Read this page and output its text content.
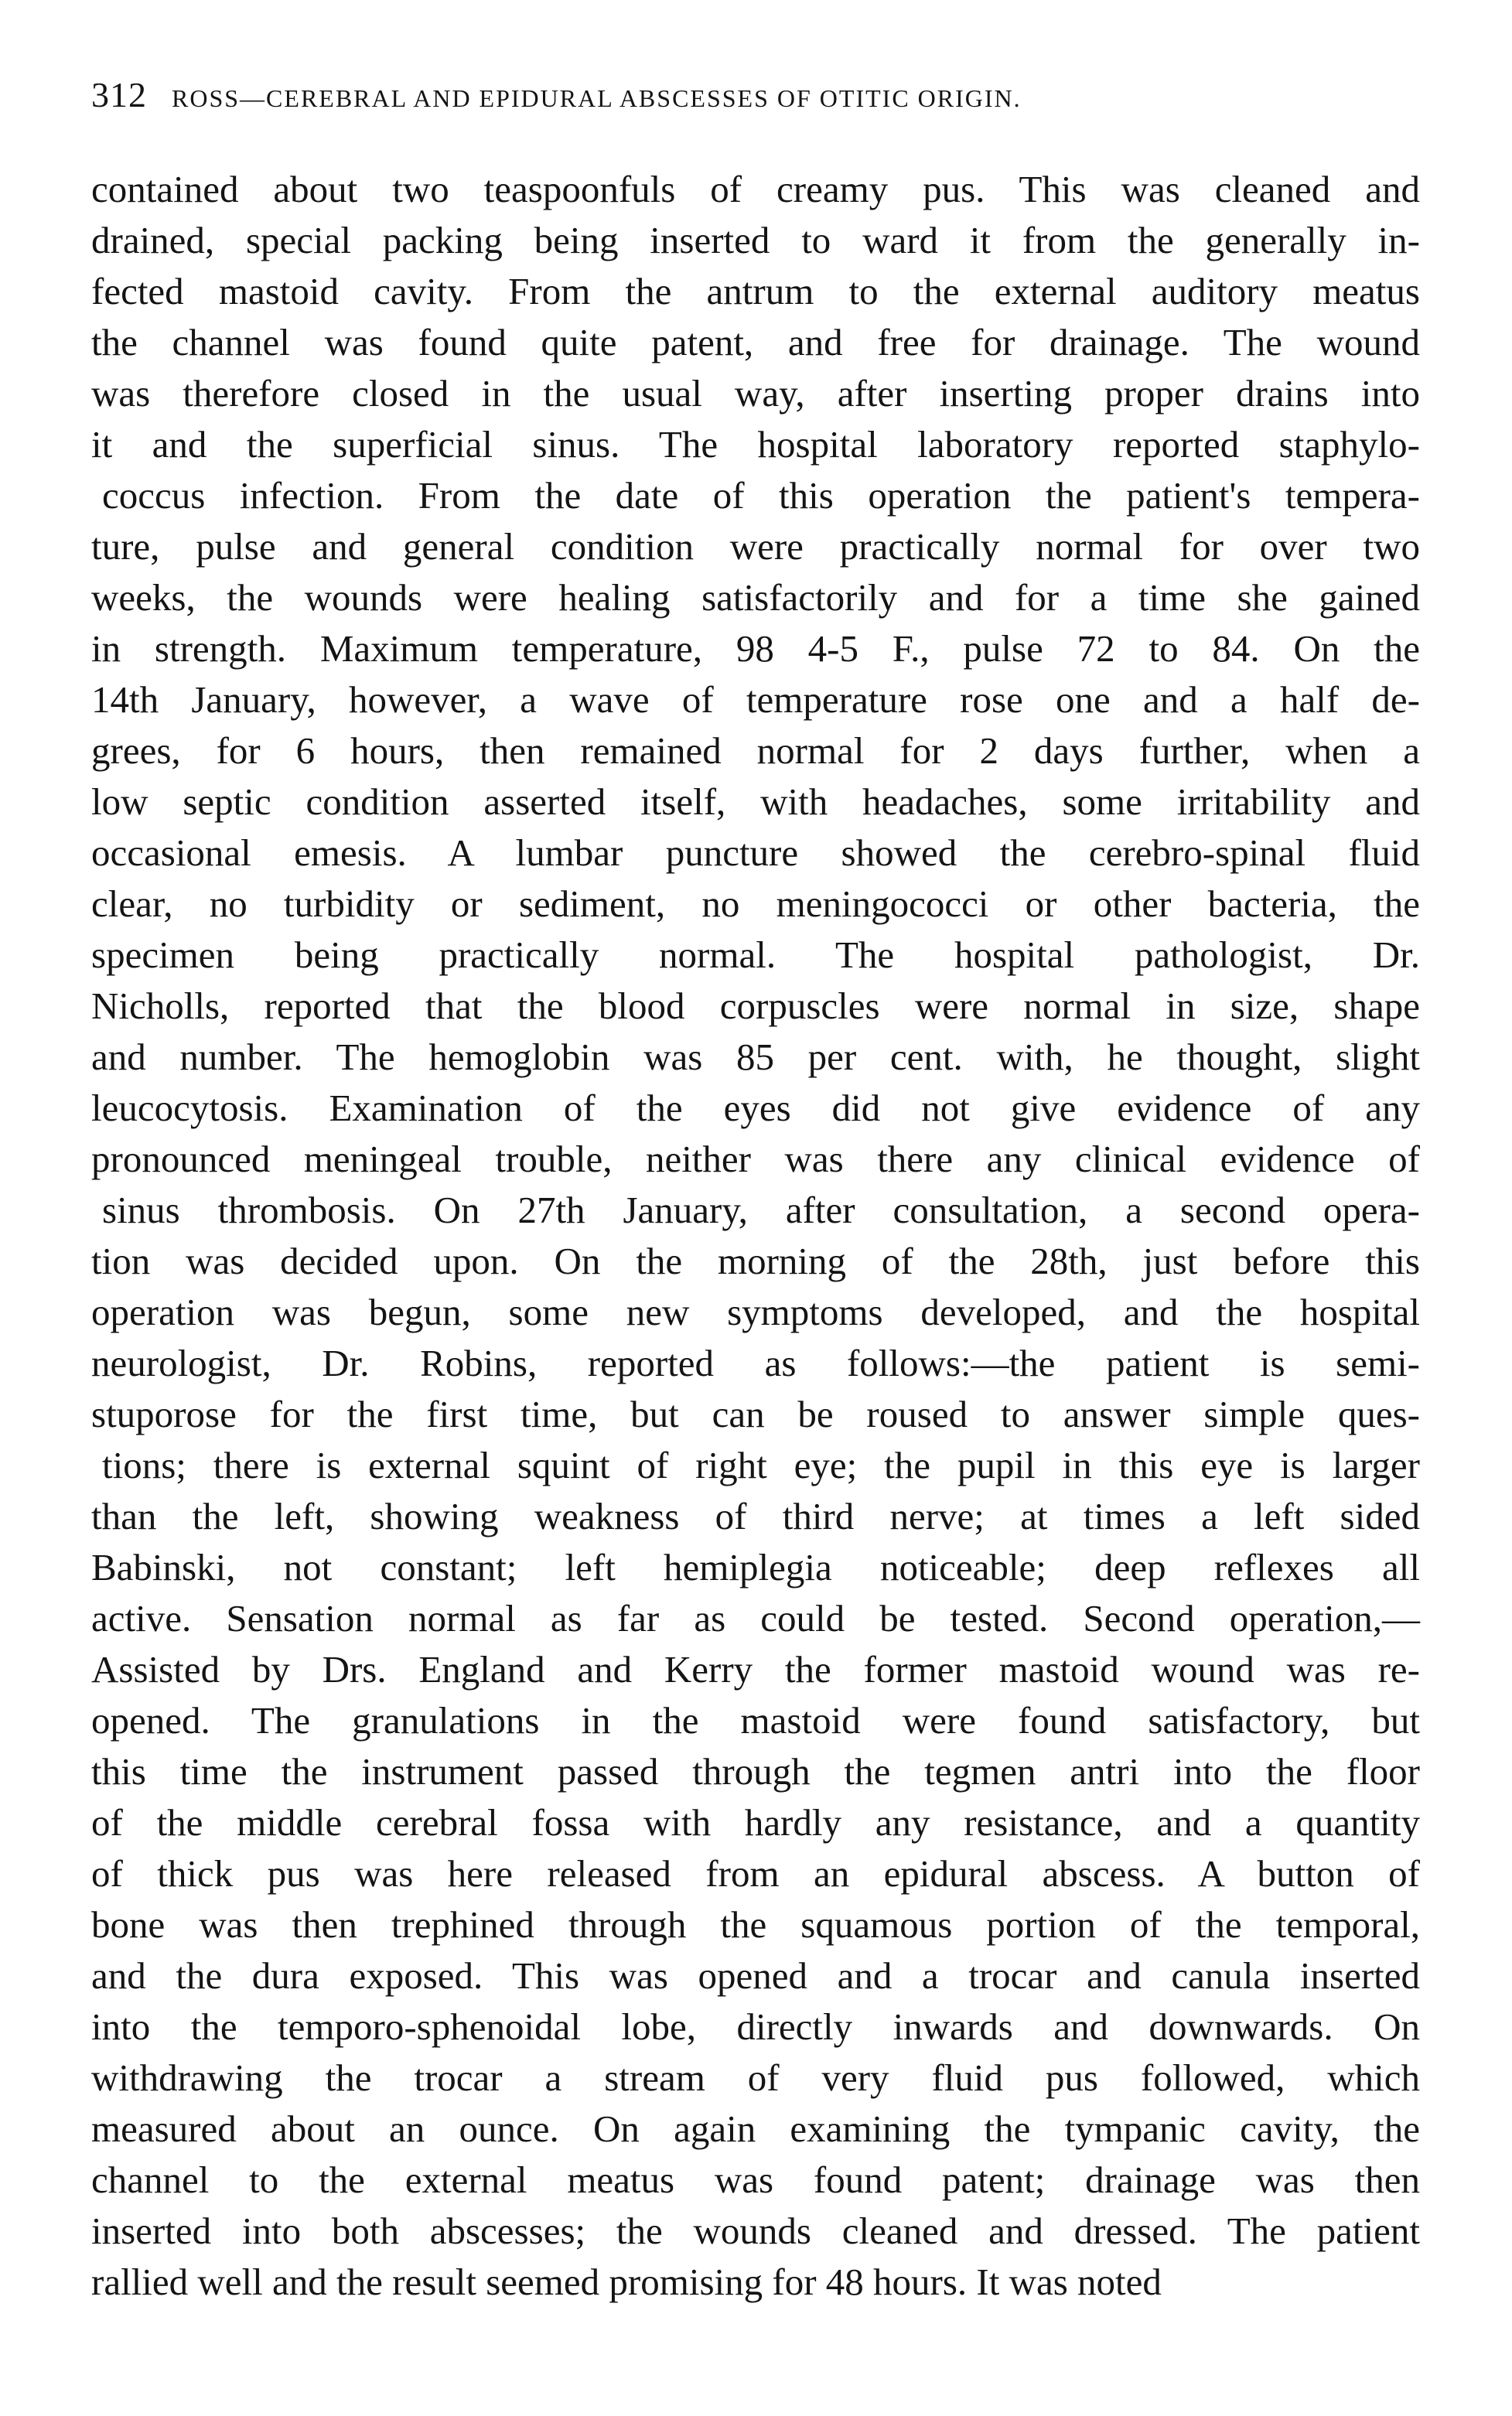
312 ROSS—CEREBRAL AND EPIDURAL ABSCESSES OF OTITIC ORIGIN.
contained about two teaspoonfuls of creamy pus. This was cleaned and
drained, special packing being inserted to ward it from the generally in-
fected mastoid cavity. From the antrum to the external auditory meatus
the channel was found quite patent, and free for drainage. The wound
was therefore closed in the usual way, after inserting proper drains into
it and the superficial sinus. The hospital laboratory reported staphylo-
coccus infection. From the date of this operation the patient's tempera-
ture, pulse and general condition were practically normal for over two
weeks, the wounds were healing satisfactorily and for a time she gained
in strength. Maximum temperature, 98 4-5 F., pulse 72 to 84. On the
14th January, however, a wave of temperature rose one and a half de-
grees, for 6 hours, then remained normal for 2 days further, when a
low septic condition asserted itself, with headaches, some irritability and
occasional emesis. A lumbar puncture showed the cerebro-spinal fluid
clear, no turbidity or sediment, no meningococci or other bacteria, the
specimen being practically normal. The hospital pathologist, Dr.
Nicholls, reported that the blood corpuscles were normal in size, shape
and number. The hemoglobin was 85 per cent. with, he thought, slight
leucocytosis. Examination of the eyes did not give evidence of any
pronounced meningeal trouble, neither was there any clinical evidence of
sinus thrombosis. On 27th January, after consultation, a second opera-
tion was decided upon. On the morning of the 28th, just before this
operation was begun, some new symptoms developed, and the hospital
neurologist, Dr. Robins, reported as follows:—the patient is semi-
stuporose for the first time, but can be roused to answer simple ques-
tions; there is external squint of right eye; the pupil in this eye is larger
than the left, showing weakness of third nerve; at times a left sided
Babinski, not constant; left hemiplegia noticeable; deep reflexes all
active. Sensation normal as far as could be tested. Second operation,—
Assisted by Drs. England and Kerry the former mastoid wound was re-
opened. The granulations in the mastoid were found satisfactory, but
this time the instrument passed through the tegmen antri into the floor
of the middle cerebral fossa with hardly any resistance, and a quantity
of thick pus was here released from an epidural abscess. A button of
bone was then trephined through the squamous portion of the temporal,
and the dura exposed. This was opened and a trocar and canula inserted
into the temporo-sphenoidal lobe, directly inwards and downwards. On
withdrawing the trocar a stream of very fluid pus followed, which
measured about an ounce. On again examining the tympanic cavity, the
channel to the external meatus was found patent; drainage was then
inserted into both abscesses; the wounds cleaned and dressed. The patient
rallied well and the result seemed promising for 48 hours. It was noted
